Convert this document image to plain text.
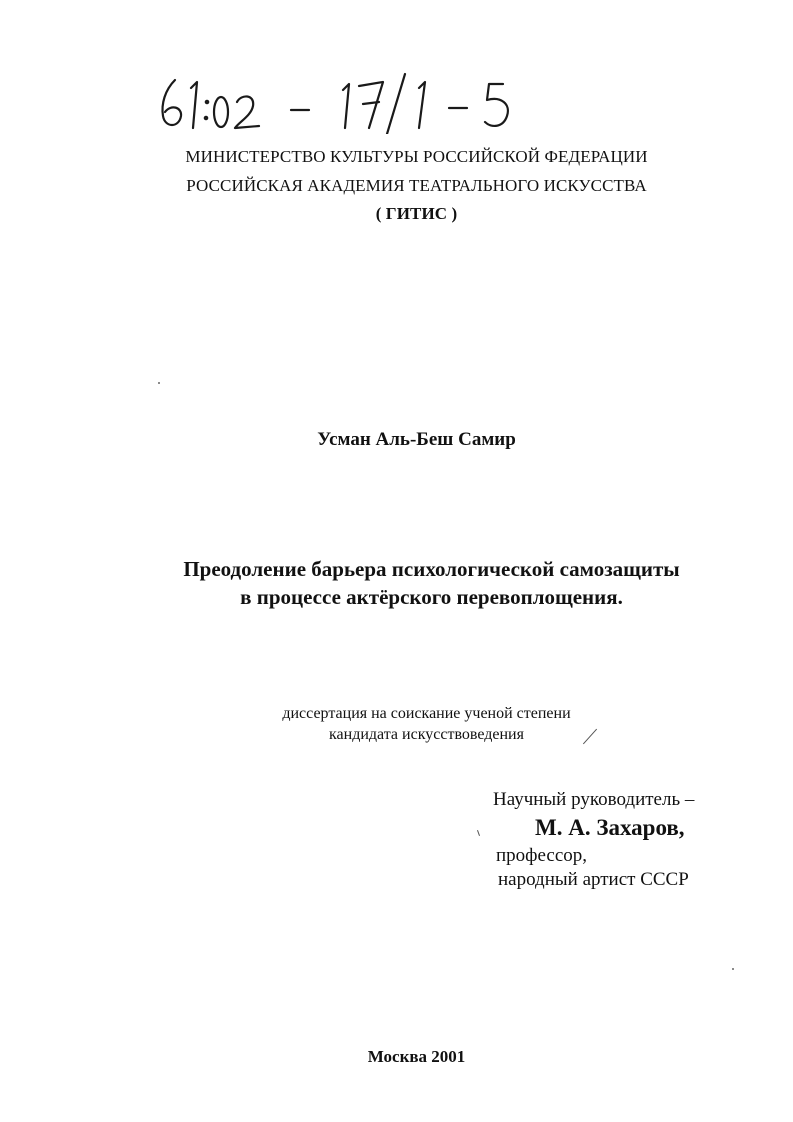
61:02-17/1-5
МИНИСТЕРСТВО КУЛЬТУРЫ РОССИЙСКОЙ ФЕДЕРАЦИИ
РОССИЙСКАЯ АКАДЕМИЯ ТЕАТРАЛЬНОГО ИСКУССТВА
( ГИТИС )
Усман Аль-Беш Самир
Преодоление барьера психологической самозащиты
в процессе актёрского перевоплощения.
диссертация на соискание ученой степени
кандидата искусствоведения
Научный руководитель –
М. А. Захаров,
профессор,
народный артист СССР
Москва 2001
